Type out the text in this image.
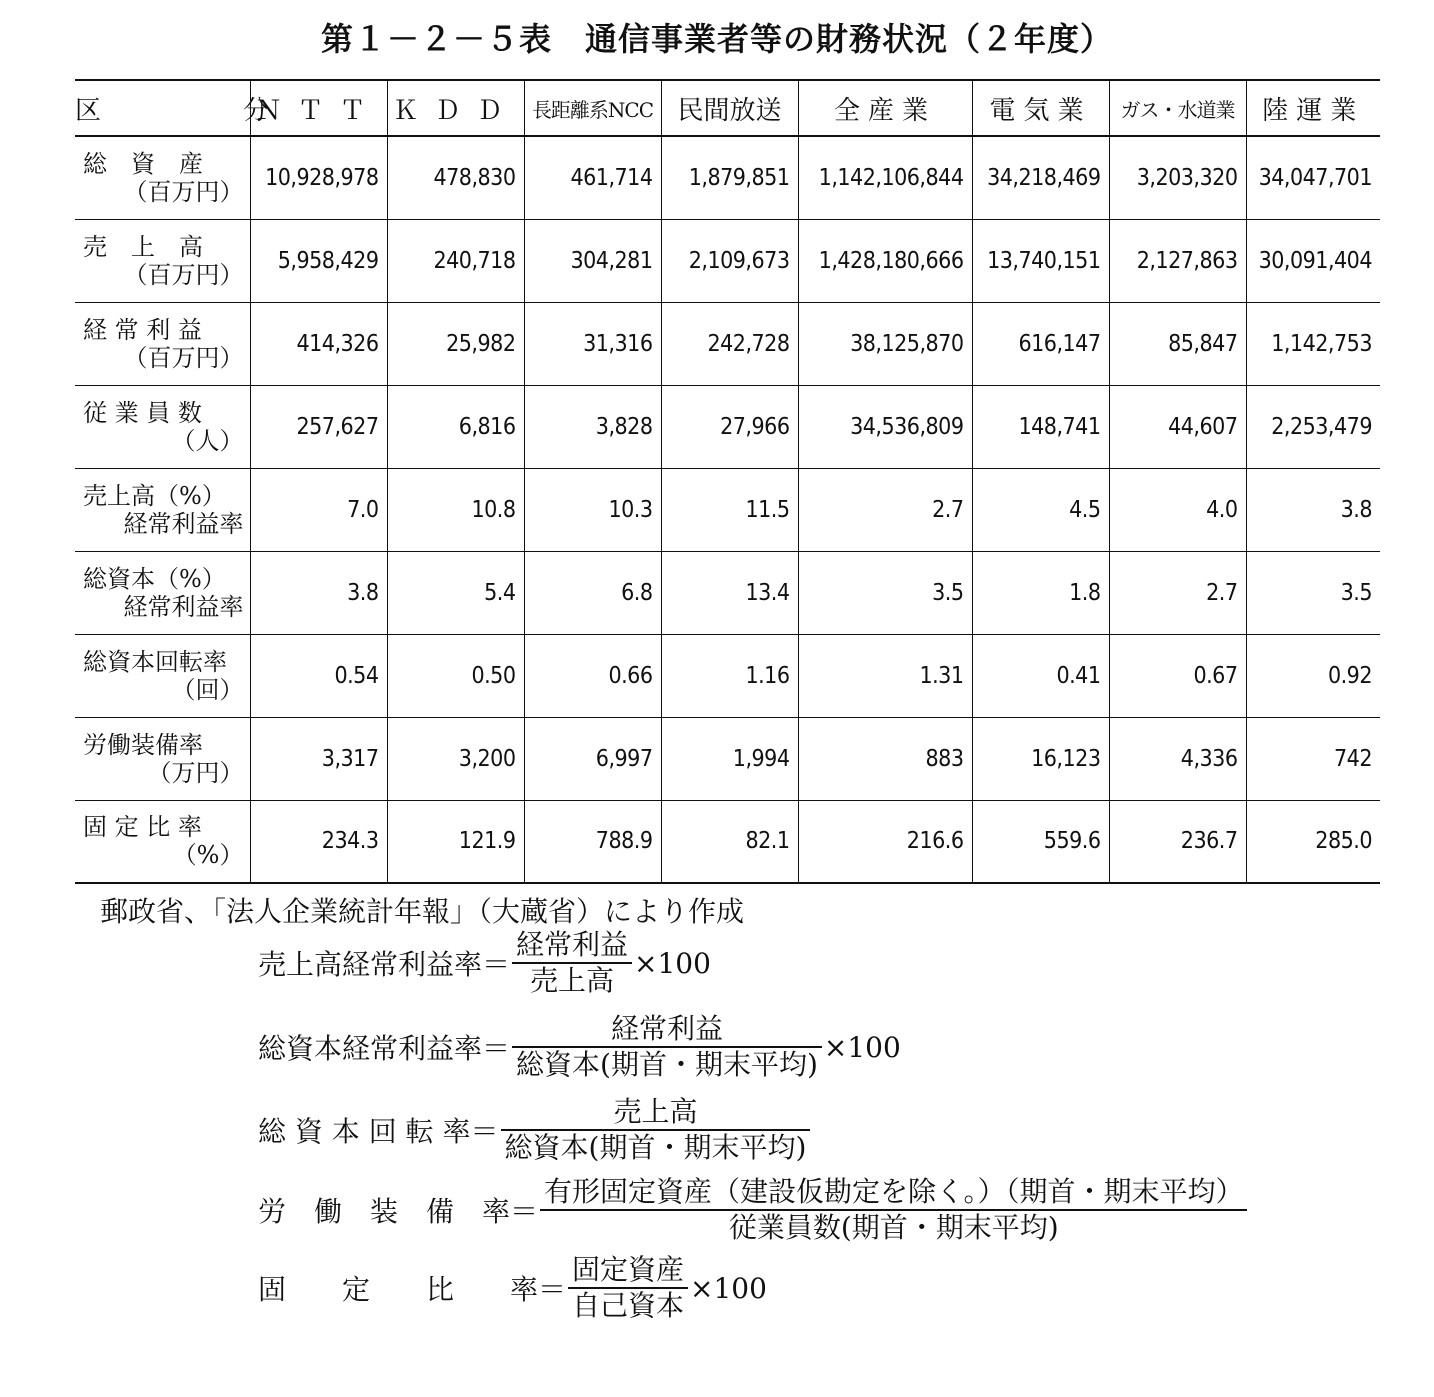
第１－２－５表　通信事業者等の財務状況（２年度）
区　　　分	ＮＴＴ	ＫＤＤ	長距離系NCC	民間放送	全産業	電気業	ガス・水道業	陸運業

総　資　産
（百万円）	10,928,978	478,830	461,714	1,879,851	1,142,106,844	34,218,469	3,203,320	34,047,701

売　上　高
（百万円）	5,958,429	240,718	304,281	2,109,673	1,428,180,666	13,740,151	2,127,863	30,091,404

経 常 利 益
（百万円）	414,326	25,982	31,316	242,728	38,125,870	616,147	85,847	1,142,753

従 業 員 数
（人）	257,627	6,816	3,828	27,966	34,536,809	148,741	44,607	2,253,479

売上高（%）
経常利益率	7.0	10.8	10.3	11.5	2.7	4.5	4.0	3.8

総資本（%）
経常利益率	3.8	5.4	6.8	13.4	3.5	1.8	2.7	3.5

総資本回転率
（回）	0.54	0.50	0.66	1.16	1.31	0.41	0.67	0.92

労働装備率
（万円）	3,317	3,200	6,997	1,994	883	16,123	4,336	742

固 定 比 率
（%）	234.3	121.9	788.9	82.1	216.6	559.6	236.7	285.0
郵政省、「法人企業統計年報」（大蔵省）により作成
売上高経常利益率＝ $\frac{\text{経常利益}}{\text{売上高}} \times 100$
総資本経常利益率＝ $\frac{\text{経常利益}}{\text{総資本(期首・期末平均)}} \times 100$
総 資 本 回 転 率＝ $\frac{\text{売上高}}{\text{総資本(期首・期末平均)}}$
労　働　装　備　率＝ $\frac{\text{有形固定資産（建設仮勘定を除く。）（期首・期末平均）}}{\text{従業員数(期首・期末平均)}}$
固　　定　　比　　率＝ $\frac{\text{固定資産}}{\text{自己資本}} \times 100$
